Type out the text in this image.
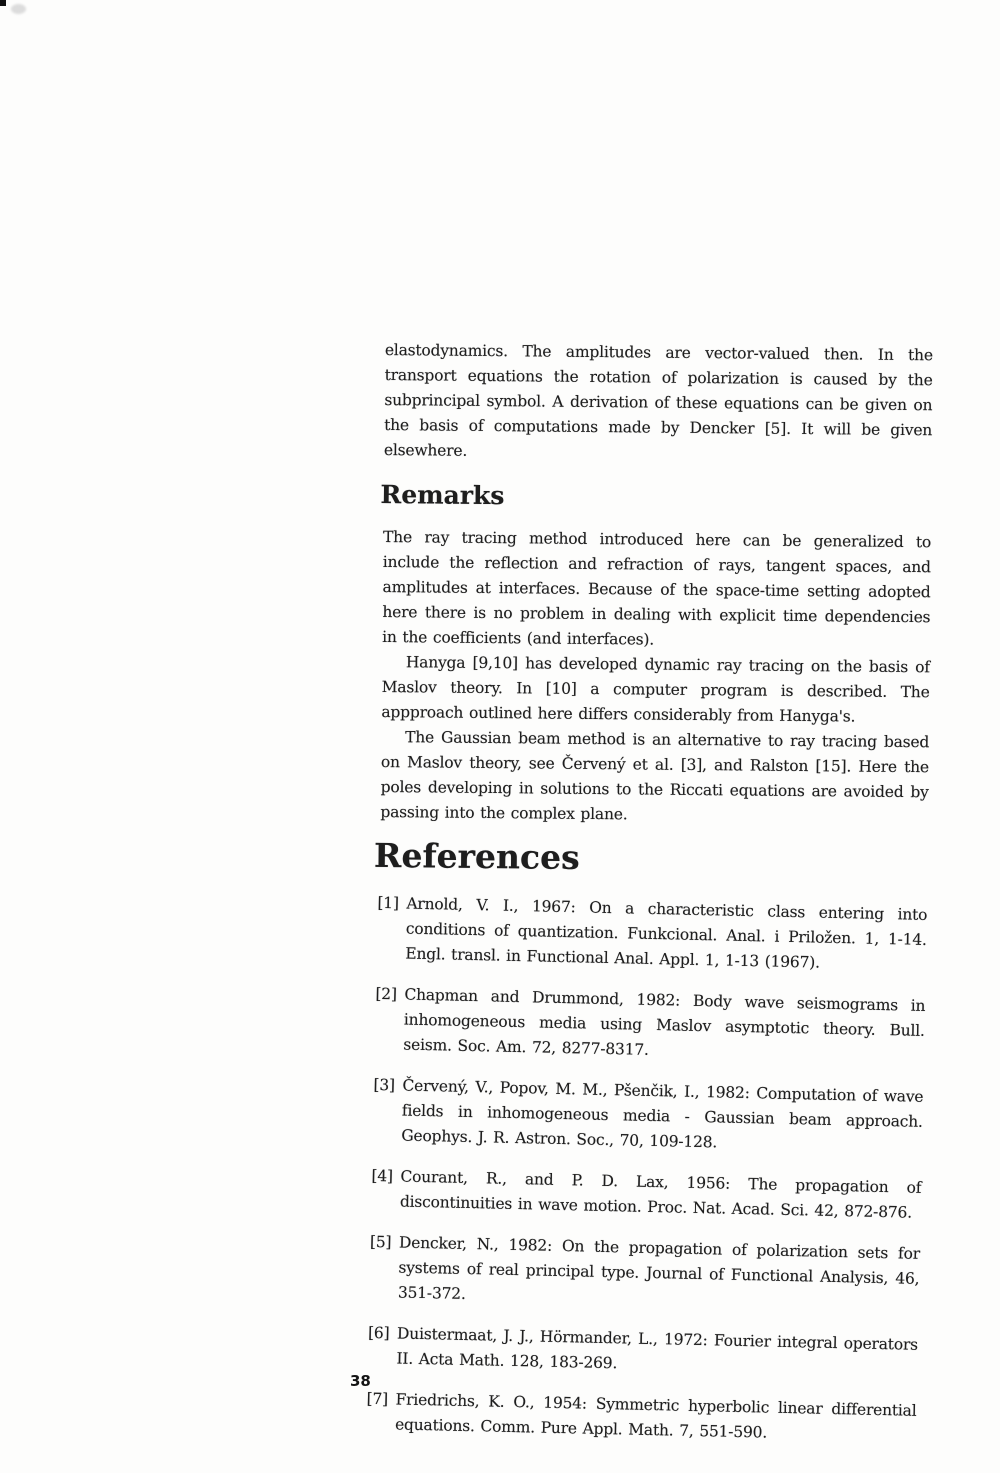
elastodynamics. The amplitudes are vector-valued then. In the transport equations the rotation of polarization is caused by the subprincipal symbol. A derivation of these equations can be given on the basis of computations made by Dencker [5]. It will be given elsewhere.

Remarks

The ray tracing method introduced here can be generalized to include the reflection and refraction of rays, tangent spaces, and amplitudes at interfaces. Because of the space-time setting adopted here there is no problem in dealing with explicit time dependencies in the coefficients (and interfaces).

Hanyga [9,10] has developed dynamic ray tracing on the basis of Maslov theory. In [10] a computer program is described. The appproach outlined here differs considerably from Hanyga's.

The Gaussian beam method is an alternative to ray tracing based on Maslov theory, see Červený et al. [3], and Ralston [15]. Here the poles developing in solutions to the Riccati equations are avoided by passing into the complex plane.

References
[1] Arnold, V. I., 1967: On a characteristic class entering into conditions of quantization. Funkcional. Anal. i Priložen. 1, 1-14. Engl. transl. in Functional Anal. Appl. 1, 1-13 (1967).
[2] Chapman and Drummond, 1982: Body wave seismograms in inhomogeneous media using Maslov asymptotic theory. Bull. seism. Soc. Am. 72, 8277-8317.
[3] Červený, V., Popov, M. M., Pšenčik, I., 1982: Computation of wave fields in inhomogeneous media - Gaussian beam approach. Geophys. J. R. Astron. Soc., 70, 109-128.
[4] Courant, R., and P. D. Lax, 1956: The propagation of discontinuities in wave motion. Proc. Nat. Acad. Sci. 42, 872-876.
[5] Dencker, N., 1982: On the propagation of polarization sets for systems of real principal type. Journal of Functional Analysis, 46, 351-372.
[6] Duistermaat, J. J., Hörmander, L., 1972: Fourier integral operators II. Acta Math. 128, 183-269.
[7] Friedrichs, K. O., 1954: Symmetric hyperbolic linear differential equations. Comm. Pure Appl. Math. 7, 551-590.
38
